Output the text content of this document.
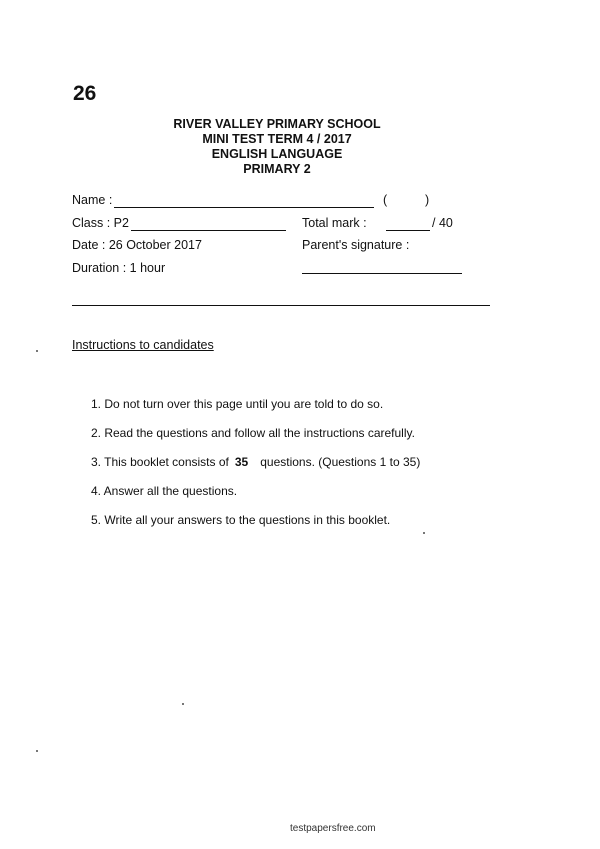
26
RIVER VALLEY PRIMARY SCHOOL
MINI TEST TERM 4 / 2017
ENGLISH LANGUAGE
PRIMARY 2
Name :	(	)
Class : P2	Total mark :	/ 40
Date : 26 October 2017	Parent's signature :
Duration : 1 hour
Instructions to candidates
1. Do not turn over this page until you are told to do so.
2. Read the questions and follow all the instructions carefully.
3. This booklet consists of 35 questions. (Questions 1 to 35)
4. Answer all the questions.
5. Write all your answers to the questions in this booklet.
testpapersfree.com
